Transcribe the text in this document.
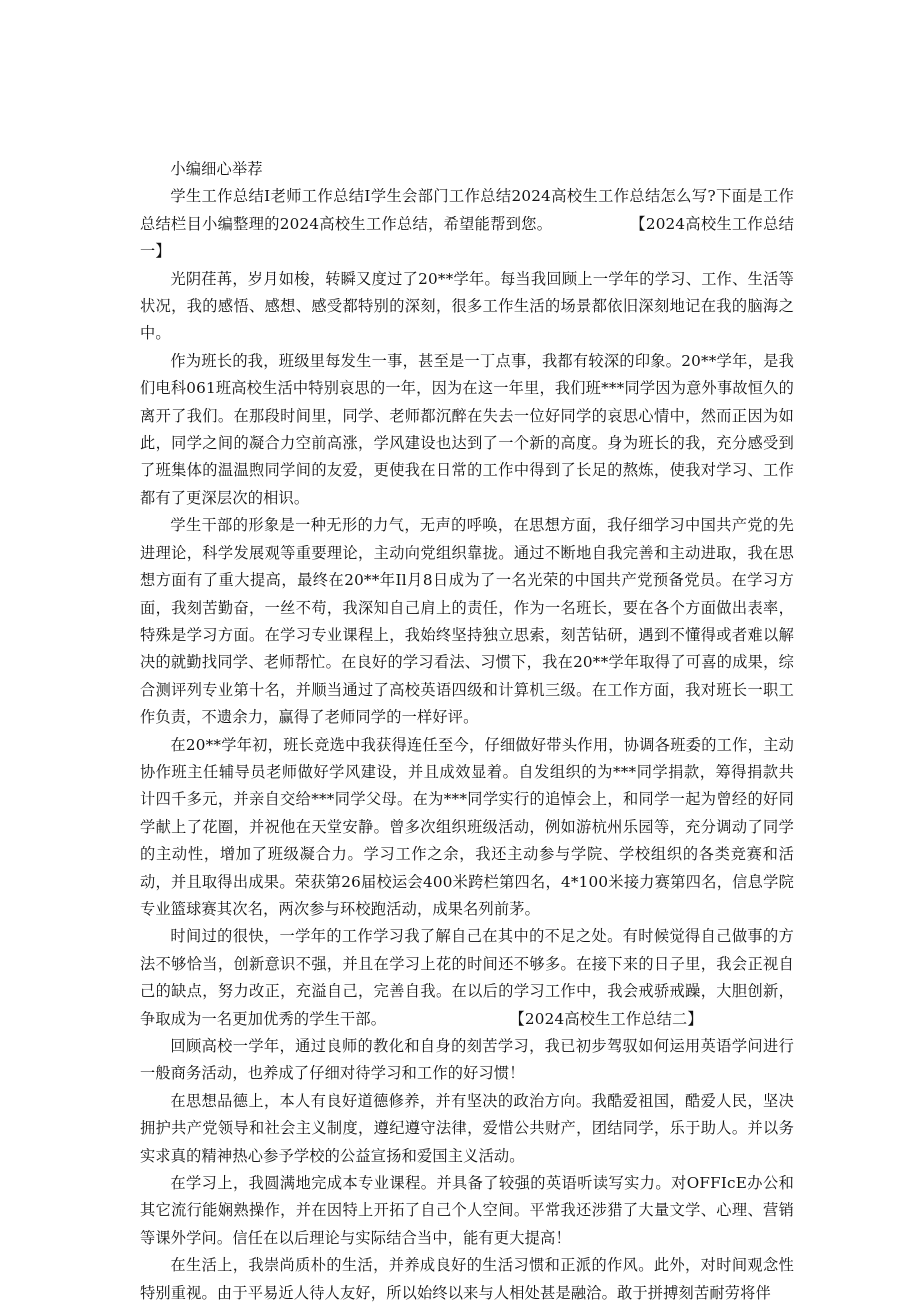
小编细心举荐

学生工作总结I老师工作总结I学生会部门工作总结2024高校生工作总结怎么写?下面是工作总结栏目小编整理的2024高校生工作总结，希望能帮到您。　　　　　　【2024高校生工作总结一】

光阴荏苒，岁月如梭，转瞬又度过了20**学年。每当我回顾上一学年的学习、工作、生活等状况，我的感悟、感想、感受都特别的深刻，很多工作生活的场景都依旧深刻地记在我的脑海之中。

作为班长的我，班级里每发生一事，甚至是一丁点事，我都有较深的印象。20**学年，是我们电科061班高校生活中特别哀思的一年，因为在这一年里，我们班***同学因为意外事故恒久的离开了我们。在那段时间里，同学、老师都沉醉在失去一位好同学的哀思心情中，然而正因为如此，同学之间的凝合力空前高涨，学风建设也达到了一个新的高度。身为班长的我，充分感受到了班集体的温温煦同学间的友爱，更使我在日常的工作中得到了长足的熬炼，使我对学习、工作都有了更深层次的相识。

学生干部的形象是一种无形的力气，无声的呼唤，在思想方面，我仔细学习中国共产党的先进理论，科学发展观等重要理论，主动向党组织靠拢。通过不断地自我完善和主动进取，我在思想方面有了重大提高，最终在20**年Il月8日成为了一名光荣的中国共产党预备党员。在学习方面，我刻苦勤奋，一丝不苟，我深知自己肩上的责任，作为一名班长，要在各个方面做出表率，特殊是学习方面。在学习专业课程上，我始终坚持独立思索，刻苦钻研，遇到不懂得或者难以解决的就勤找同学、老师帮忙。在良好的学习看法、习惯下，我在20**学年取得了可喜的成果，综合测评列专业第十名，并顺当通过了高校英语四级和计算机三级。在工作方面，我对班长一职工作负责，不遗余力，赢得了老师同学的一样好评。

在20**学年初，班长竞选中我获得连任至今，仔细做好带头作用，协调各班委的工作，主动协作班主任辅导员老师做好学风建设，并且成效显着。自发组织的为***同学捐款，筹得捐款共计四千多元，并亲自交给***同学父母。在为***同学实行的追悼会上，和同学一起为曾经的好同学献上了花圈，并祝他在天堂安静。曾多次组织班级活动，例如游杭州乐园等，充分调动了同学的主动性，增加了班级凝合力。学习工作之余，我还主动参与学院、学校组织的各类竞赛和活动，并且取得出成果。荣获第26届校运会400米跨栏第四名，4*100米接力赛第四名，信息学院专业篮球赛其次名，两次参与环校跑活动，成果名列前茅。

时间过的很快，一学年的工作学习我了解自己在其中的不足之处。有时候觉得自己做事的方法不够恰当，创新意识不强，并且在学习上花的时间还不够多。在接下来的日子里，我会正视自己的缺点，努力改正，充溢自己，完善自我。在以后的学习工作中，我会戒骄戒躁，大胆创新，争取成为一名更加优秀的学生干部。　　　　　　　　　【2024高校生工作总结二】

回顾高校一学年，通过良师的教化和自身的刻苦学习，我已初步驾驭如何运用英语学问进行一般商务活动，也养成了仔细对待学习和工作的好习惯！

在思想品德上，本人有良好道德修养，并有坚决的政治方向。我酷爱祖国，酷爱人民，坚决拥护共产党领导和社会主义制度，遵纪遵守法律，爱惜公共财产，团结同学，乐于助人。并以务实求真的精神热心参予学校的公益宣扬和爱国主义活动。

在学习上，我圆满地完成本专业课程。并具备了较强的英语听读写实力。对OFFIcE办公和其它流行能娴熟操作，并在因特上开拓了自己个人空间。平常我还涉猎了大量文学、心理、营销等课外学问。信任在以后理论与实际结合当中，能有更大提高！

在生活上，我崇尚质朴的生活，并养成良好的生活习惯和正派的作风。此外，对时间观念性特别重视。由于平易近人待人友好，所以始终以来与人相处甚是融洽。敢于拼搏刻苦耐劳将伴
